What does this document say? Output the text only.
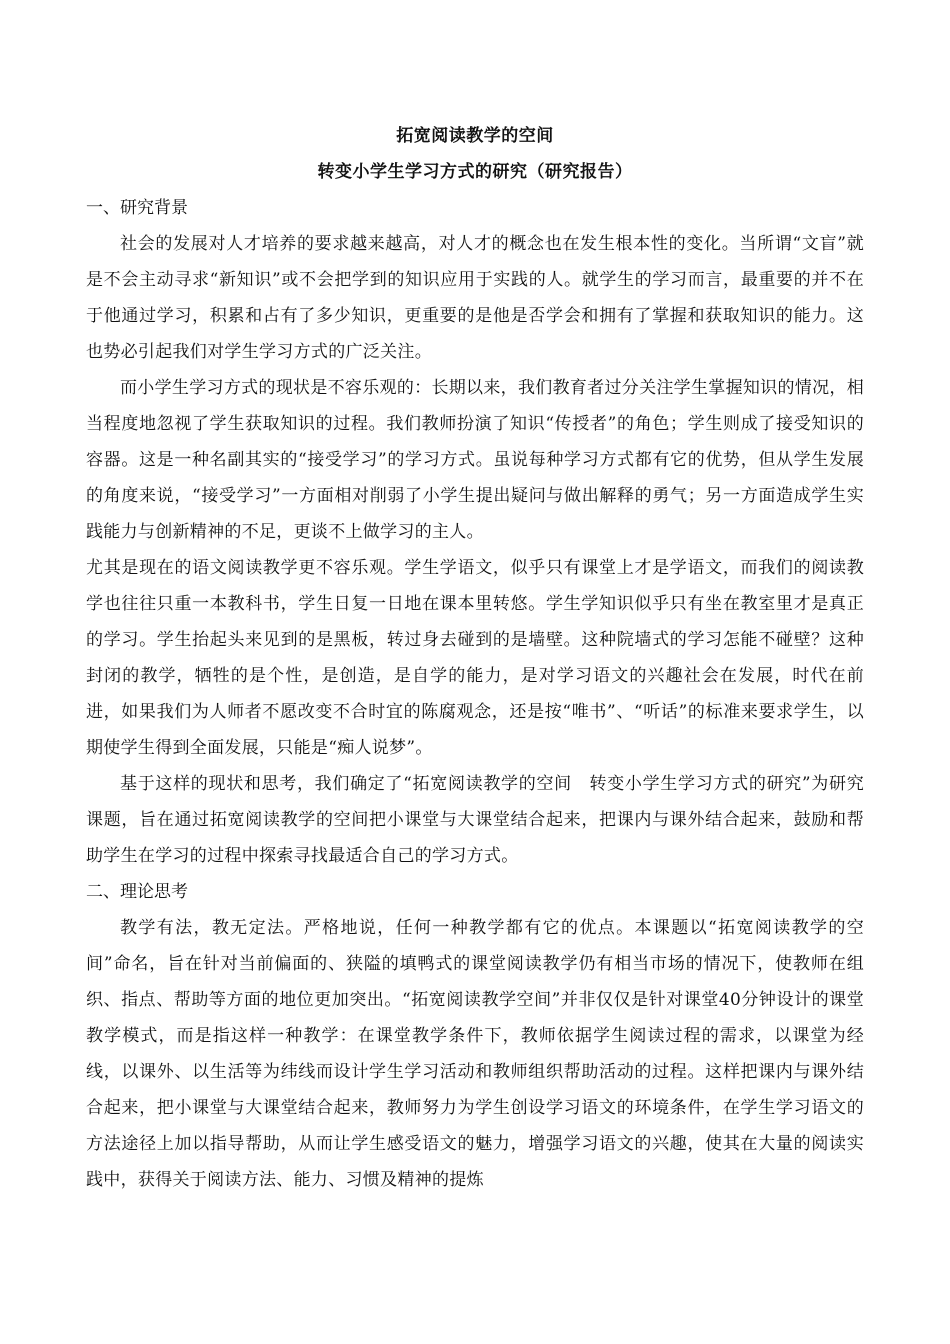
拓宽阅读教学的空间

转变小学生学习方式的研究（研究报告）

一、研究背景

社会的发展对人才培养的要求越来越高，对人才的概念也在发生根本性的变化。当所谓“文盲”就是不会主动寻求“新知识”或不会把学到的知识应用于实践的人。就学生的学习而言，最重要的并不在于他通过学习，积累和占有了多少知识，更重要的是他是否学会和拥有了掌握和获取知识的能力。这也势必引起我们对学生学习方式的广泛关注。

而小学生学习方式的现状是不容乐观的：长期以来，我们教育者过分关注学生掌握知识的情况，相当程度地忽视了学生获取知识的过程。我们教师扮演了知识“传授者”的角色；学生则成了接受知识的容器。这是一种名副其实的“接受学习”的学习方式。虽说每种学习方式都有它的优势，但从学生发展的角度来说，“接受学习”一方面相对削弱了小学生提出疑问与做出解释的勇气；另一方面造成学生实践能力与创新精神的不足，更谈不上做学习的主人。

尤其是现在的语文阅读教学更不容乐观。学生学语文，似乎只有课堂上才是学语文，而我们的阅读教学也往往只重一本教科书，学生日复一日地在课本里转悠。学生学知识似乎只有坐在教室里才是真正的学习。学生抬起头来见到的是黑板，转过身去碰到的是墙壁。这种院墙式的学习怎能不碰壁？这种封闭的教学，牺牲的是个性，是创造，是自学的能力，是对学习语文的兴趣社会在发展，时代在前进，如果我们为人师者不愿改变不合时宜的陈腐观念，还是按“唯书”、“听话”的标准来要求学生，以期使学生得到全面发展，只能是“痴人说梦”。

基于这样的现状和思考，我们确定了“拓宽阅读教学的空间　转变小学生学习方式的研究”为研究课题，旨在通过拓宽阅读教学的空间把小课堂与大课堂结合起来，把课内与课外结合起来，鼓励和帮助学生在学习的过程中探索寻找最适合自己的学习方式。

二、理论思考

教学有法，教无定法。严格地说，任何一种教学都有它的优点。本课题以“拓宽阅读教学的空间”命名，旨在针对当前偏面的、狭隘的填鸭式的课堂阅读教学仍有相当市场的情况下，使教师在组织、指点、帮助等方面的地位更加突出。“拓宽阅读教学空间”并非仅仅是针对课堂40分钟设计的课堂教学模式，而是指这样一种教学：在课堂教学条件下，教师依据学生阅读过程的需求，以课堂为经线，以课外、以生活等为纬线而设计学生学习活动和教师组织帮助活动的过程。这样把课内与课外结合起来，把小课堂与大课堂结合起来，教师努力为学生创设学习语文的环境条件，在学生学习语文的方法途径上加以指导帮助，从而让学生感受语文的魅力，增强学习语文的兴趣，使其在大量的阅读实践中，获得关于阅读方法、能力、习惯及精神的提炼
